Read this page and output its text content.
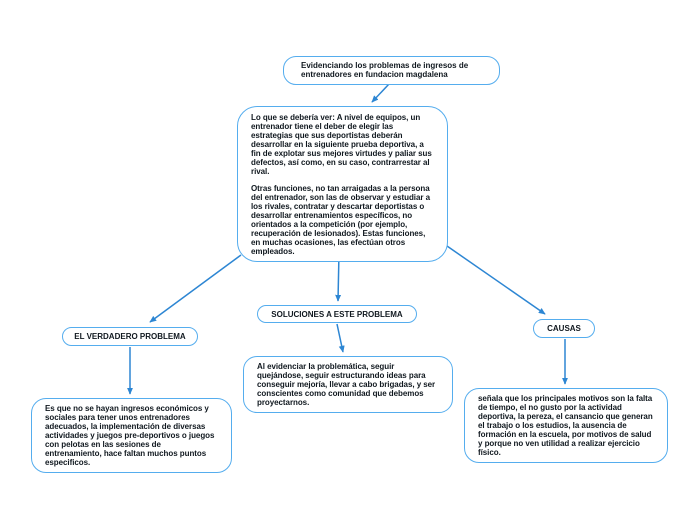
Evidenciando los problemas de ingresos de entrenadores en fundacion magdalena

Lo que se debería ver: A nivel de equipos, un entrenador tiene el deber de elegir las estrategias que sus deportistas deberán desarrollar en la siguiente prueba deportiva, a fin de explotar sus mejores virtudes y paliar sus defectos, así como, en su caso, contrarrestar al rival.

Otras funciones, no tan arraigadas a la persona del entrenador, son las de observar y estudiar a los rivales, contratar y descartar deportistas o desarrollar entrenamientos específicos, no orientados a la competición (por ejemplo, recuperación de lesionados). Estas funciones, en muchas ocasiones, las efectúan otros empleados.

EL VERDADERO PROBLEMA
SOLUCIONES A ESTE PROBLEMA
CAUSAS

Es que no se hayan ingresos económicos y sociales para tener unos entrenadores adecuados, la implementación de diversas actividades y juegos pre-deportivos o juegos con pelotas en las sesiones de entrenamiento, hace faltan muchos puntos especificos.

Al evidenciar la problemática, seguir quejándose, seguir estructurando ideas para conseguir mejoría, llevar a cabo brigadas, y ser conscientes como comunidad que debemos proyectarnos.	señala que los principales motivos son la falta de tiempo, el no gusto por la actividad deportiva, la pereza, el cansancio que generan el trabajo o los estudios, la ausencia de formación en la escuela, por motivos de salud y porque no ven utilidad a realizar ejercicio físico.
